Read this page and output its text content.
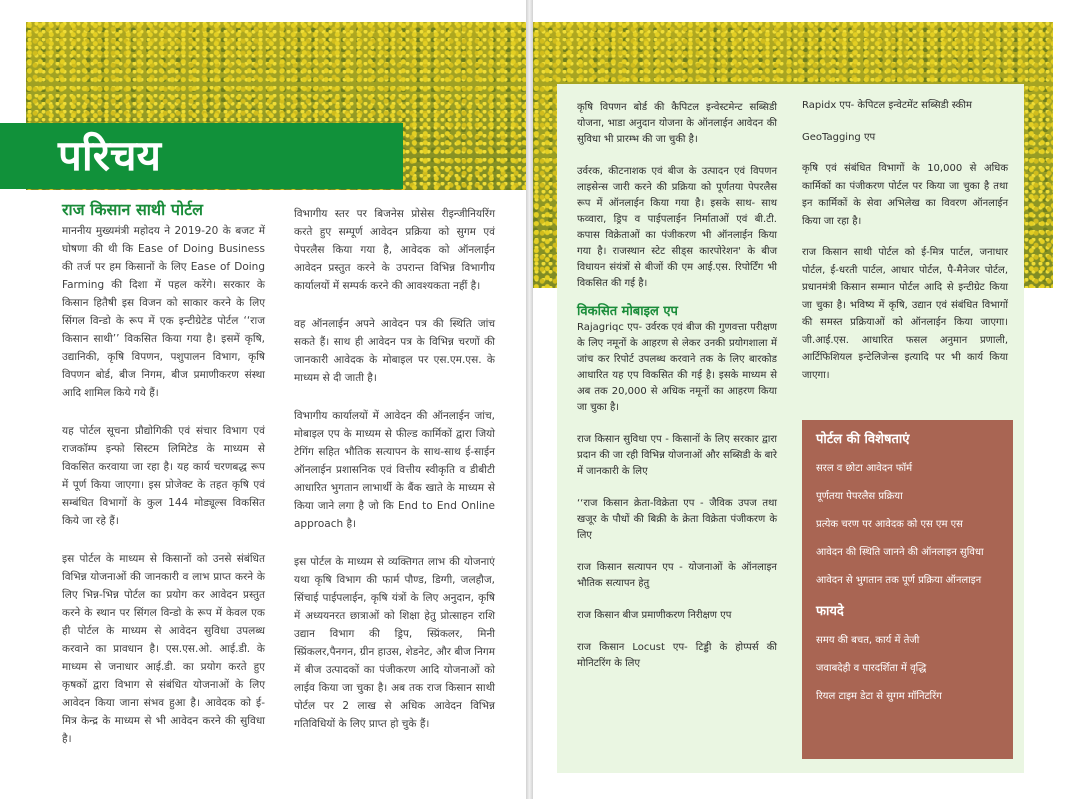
परिचय
राज किसान साथी पोर्टल

माननीय मुख्यमंत्री महोदय ने 2019-20 के बजट में घोषणा की थी कि Ease of Doing Business की तर्ज पर हम किसानों के लिए Ease of Doing Farming की दिशा में पहल करेंगे। सरकार के किसान हितैषी इस विजन को साकार करने के लिए सिंगल विन्डो के रूप में एक इन्टीग्रेटेड पोर्टल ‘‘राज किसान साथी’’ विकसित किया गया है। इसमें कृषि, उद्यानिकी, कृषि विपणन, पशुपालन विभाग, कृषि विपणन बोर्ड, बीज निगम, बीज प्रमाणीकरण संस्था आदि शामिल किये गये हैं।

यह पोर्टल सूचना प्रौद्योगिकी एवं संचार विभाग एवं राजकॉम्प इन्फो सिस्टम लिमिटेड के माध्यम से विकसित करवाया जा रहा है। यह कार्य चरणबद्ध रूप में पूर्ण किया जाएगा। इस प्रोजेक्ट के तहत कृषि एवं सम्बंधित विभागों के कुल 144 मोड्यूल्स विकसित किये जा रहे हैं।

इस पोर्टल के माध्यम से किसानों को उनसे संबंधित विभिन्न योजनाओं की जानकारी व लाभ प्राप्त करने के लिए भिन्न-भिन्न पोर्टल का प्रयोग कर आवेदन प्रस्तुत करने के स्थान पर सिंगल विन्डो के रूप में केवल एक ही पोर्टल के माध्यम से आवेदन सुविधा उपलब्ध करवाने का प्रावधान है। एस.एस.ओ. आई.डी. के माध्यम से जनाधार आई.डी. का प्रयोग करते हुए कृषकों द्वारा विभाग से संबंधित योजनाओं के लिए आवेदन किया जाना संभव हुआ है। आवेदक को ई-मित्र केन्द्र के माध्यम से भी आवेदन करने की सुविधा है।

विभागीय स्तर पर बिजनेस प्रोसेस रीइन्जीनियरिंग करते हुए सम्पूर्ण आवेदन प्रक्रिया को सुगम एवं पेपरलैस किया गया है, आवेदक को ऑनलाईन आवेदन प्रस्तुत करने के उपरान्त विभिन्न विभागीय कार्यालयों में सम्पर्क करने की आवश्यकता नहीं है।

वह ऑनलाईन अपने आवेदन पत्र की स्थिति जांच सकते हैं। साथ ही आवेदन पत्र के विभिन्न चरणों की जानकारी आवेदक के मोबाइल पर एस.एम.एस. के माध्यम से दी जाती है।

विभागीय कार्यालयों में आवेदन की ऑनलाईन जांच, मोबाइल एप के माध्यम से फील्ड कार्मिकों द्वारा जियो टेगिंग सहित भौतिक सत्यापन के साथ-साथ ई-साईन ऑनलाईन प्रशासनिक एवं वित्तीय स्वीकृति व डीबीटी आधारित भुगतान लाभार्थी के बैंक खाते के माध्यम से किया जाने लगा है जो कि End to End Online approach है।

इस पोर्टल के माध्यम से व्यक्तिगत लाभ की योजनाएं यथा कृषि विभाग की फार्म पौण्ड, डिग्गी, जलहौज, सिंचाई पाईपलाईन, कृषि यंत्रों के लिए अनुदान, कृषि में अध्ययनरत छात्राओं को शिक्षा हेतु प्रोत्साहन राशि उद्यान विभाग की ड्रिप, स्प्रिंकलर, मिनी स्प्रिंकलर,पैनगन, ग्रीन हाउस, शेडनेट, और बीज निगम में बीज उत्पादकों का पंजीकरण आदि योजनाओं को लाईव किया जा चुका है। अब तक राज किसान साथी पोर्टल पर 2 लाख से अधिक आवेदन विभिन्न गतिविधियों के लिए प्राप्त हो चुके हैं।

कृषि विपणन बोर्ड की कैपिटल इन्वेस्टमेन्ट सब्सिडी योजना, भाडा अनुदान योजना के ऑनलाईन आवेदन की सुविधा भी प्रारम्भ की जा चुकी है।

उर्वरक, कीटनाशक एवं बीज के उत्पादन एवं विपणन लाइसेन्स जारी करने की प्रक्रिया को पूर्णतया पेपरलैस रूप में ऑनलाईन किया गया है। इसके साथ- साथ फव्वारा, ड्रिप व पाईपलाईन निर्माताओं एवं बी.टी. कपास विक्रेताओं का पंजीकरण भी ऑनलाईन किया गया है। राजस्थान स्टेट सीड्स कारपोरेशन' के बीज विधायन संयंत्रों से बीजों की एम आई.एस. रिपोर्टिंग भी विकसित की गई है।

विकसित मोबाइल एप

Rajagriqc एप- उर्वरक एवं बीज की गुणवत्ता परीक्षण के लिए नमूनों के आहरण से लेकर उनकी प्रयोगशाला में जांच कर रिपोर्ट उपलब्ध करवाने तक के लिए बारकोड आधारित यह एप विकसित की गई है। इसके माध्यम से अब तक 20,000 से अधिक नमूनों का आहरण किया जा चुका है।

राज किसान सुविधा एप - किसानों के लिए सरकार द्वारा प्रदान की जा रही विभिन्न योजनाओं और सब्सिडी के बारे में जानकारी के लिए

‘‘राज किसान क्रेता-विक्रेता एप - जैविक उपज तथा खजूर के पौधों की बिक्री के क्रेता विक्रेता पंजीकरण के लिए

राज किसान सत्यापन एप - योजनाओं के ऑनलाइन भौतिक सत्यापन हेतु

राज किसान बीज प्रमाणीकरण निरीक्षण एप

राज किसान Locust एप- टिड्डी के होप्पर्स की मोनिटरिंग के लिए

Rapidx एप- केपिटल इन्वेटमेंट सब्सिडी स्कीम

GeoTagging एप

कृषि एवं संबंधित विभागों के 10,000 से अधिक कार्मिकों का पंजीकरण पोर्टल पर किया जा चुका है तथा इन कार्मिकों के सेवा अभिलेख का विवरण ऑनलाईन किया जा रहा है।

राज किसान साथी पोर्टल को ई-मित्र पार्टल, जनाधार पोर्टल, ई-धरती पार्टल, आधार पोर्टल, पै-मैनेजर पोर्टल, प्रधानमंत्री किसान सम्मान पोर्टल आदि से इन्टीग्रेट किया जा चुका है। भविष्य में कृषि, उद्यान एवं संबंधित विभागों की समस्त प्रक्रियाओं को ऑनलाईन किया जाएगा। जी.आई.एस. आधारित फसल अनुमान प्रणाली, आर्टिफिशियल इन्टेलिजेन्स इत्यादि पर भी कार्य किया जाएगा।

पोर्टल की विशेषताएं
सरल व छोटा आवेदन फॉर्म
पूर्णतया पेपरलैस प्रक्रिया
प्रत्येक चरण पर आवेदक को एस एम एस
आवेदन की स्थिति जानने की ऑनलाइन सुविधा
आवेदन से भुगतान तक पूर्ण प्रक्रिया ऑनलाइन
फायदे
समय की बचत, कार्य में तेजी
जवाबदेही व पारदर्शिता में वृद्धि
रियल टाइम डेटा से सुगम मॉनिटरिंग
